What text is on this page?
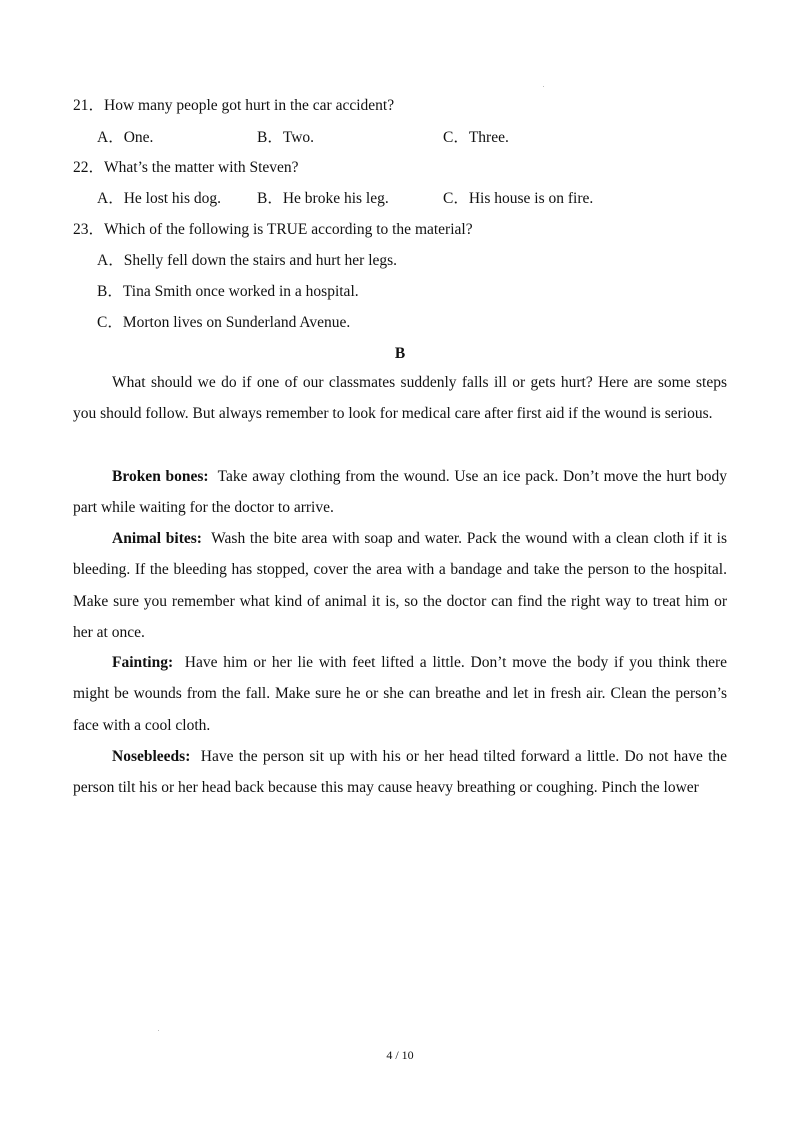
21．How many people got hurt in the car accident?
A．One.	B．Two.	C．Three.
22．What’s the matter with Steven?
A．He lost his dog. B．He broke his leg.	C．His house is on fire.
23．Which of the following is TRUE according to the material?
A．Shelly fell down the stairs and hurt her legs.
B．Tina Smith once worked in a hospital.
C．Morton lives on Sunderland Avenue.
B

What should we do if one of our classmates suddenly falls ill or gets hurt? Here are some steps you should follow. But always remember to look for medical care after first aid if the wound is serious.

Broken bones: Take away clothing from the wound. Use an ice pack. Don’t move the hurt body part while waiting for the doctor to arrive.

Animal bites: Wash the bite area with soap and water. Pack the wound with a clean cloth if it is bleeding. If the bleeding has stopped, cover the area with a bandage and take the person to the hospital. Make sure you remember what kind of animal it is, so the doctor can find the right way to treat him or her at once.

Fainting: Have him or her lie with feet lifted a little. Don’t move the body if you think there might be wounds from the fall. Make sure he or she can breathe and let in fresh air. Clean the person’s face with a cool cloth.

Nosebleeds: Have the person sit up with his or her head tilted forward a little. Do not have the person tilt his or her head back because this may cause heavy breathing or coughing. Pinch the lower

4 / 10
